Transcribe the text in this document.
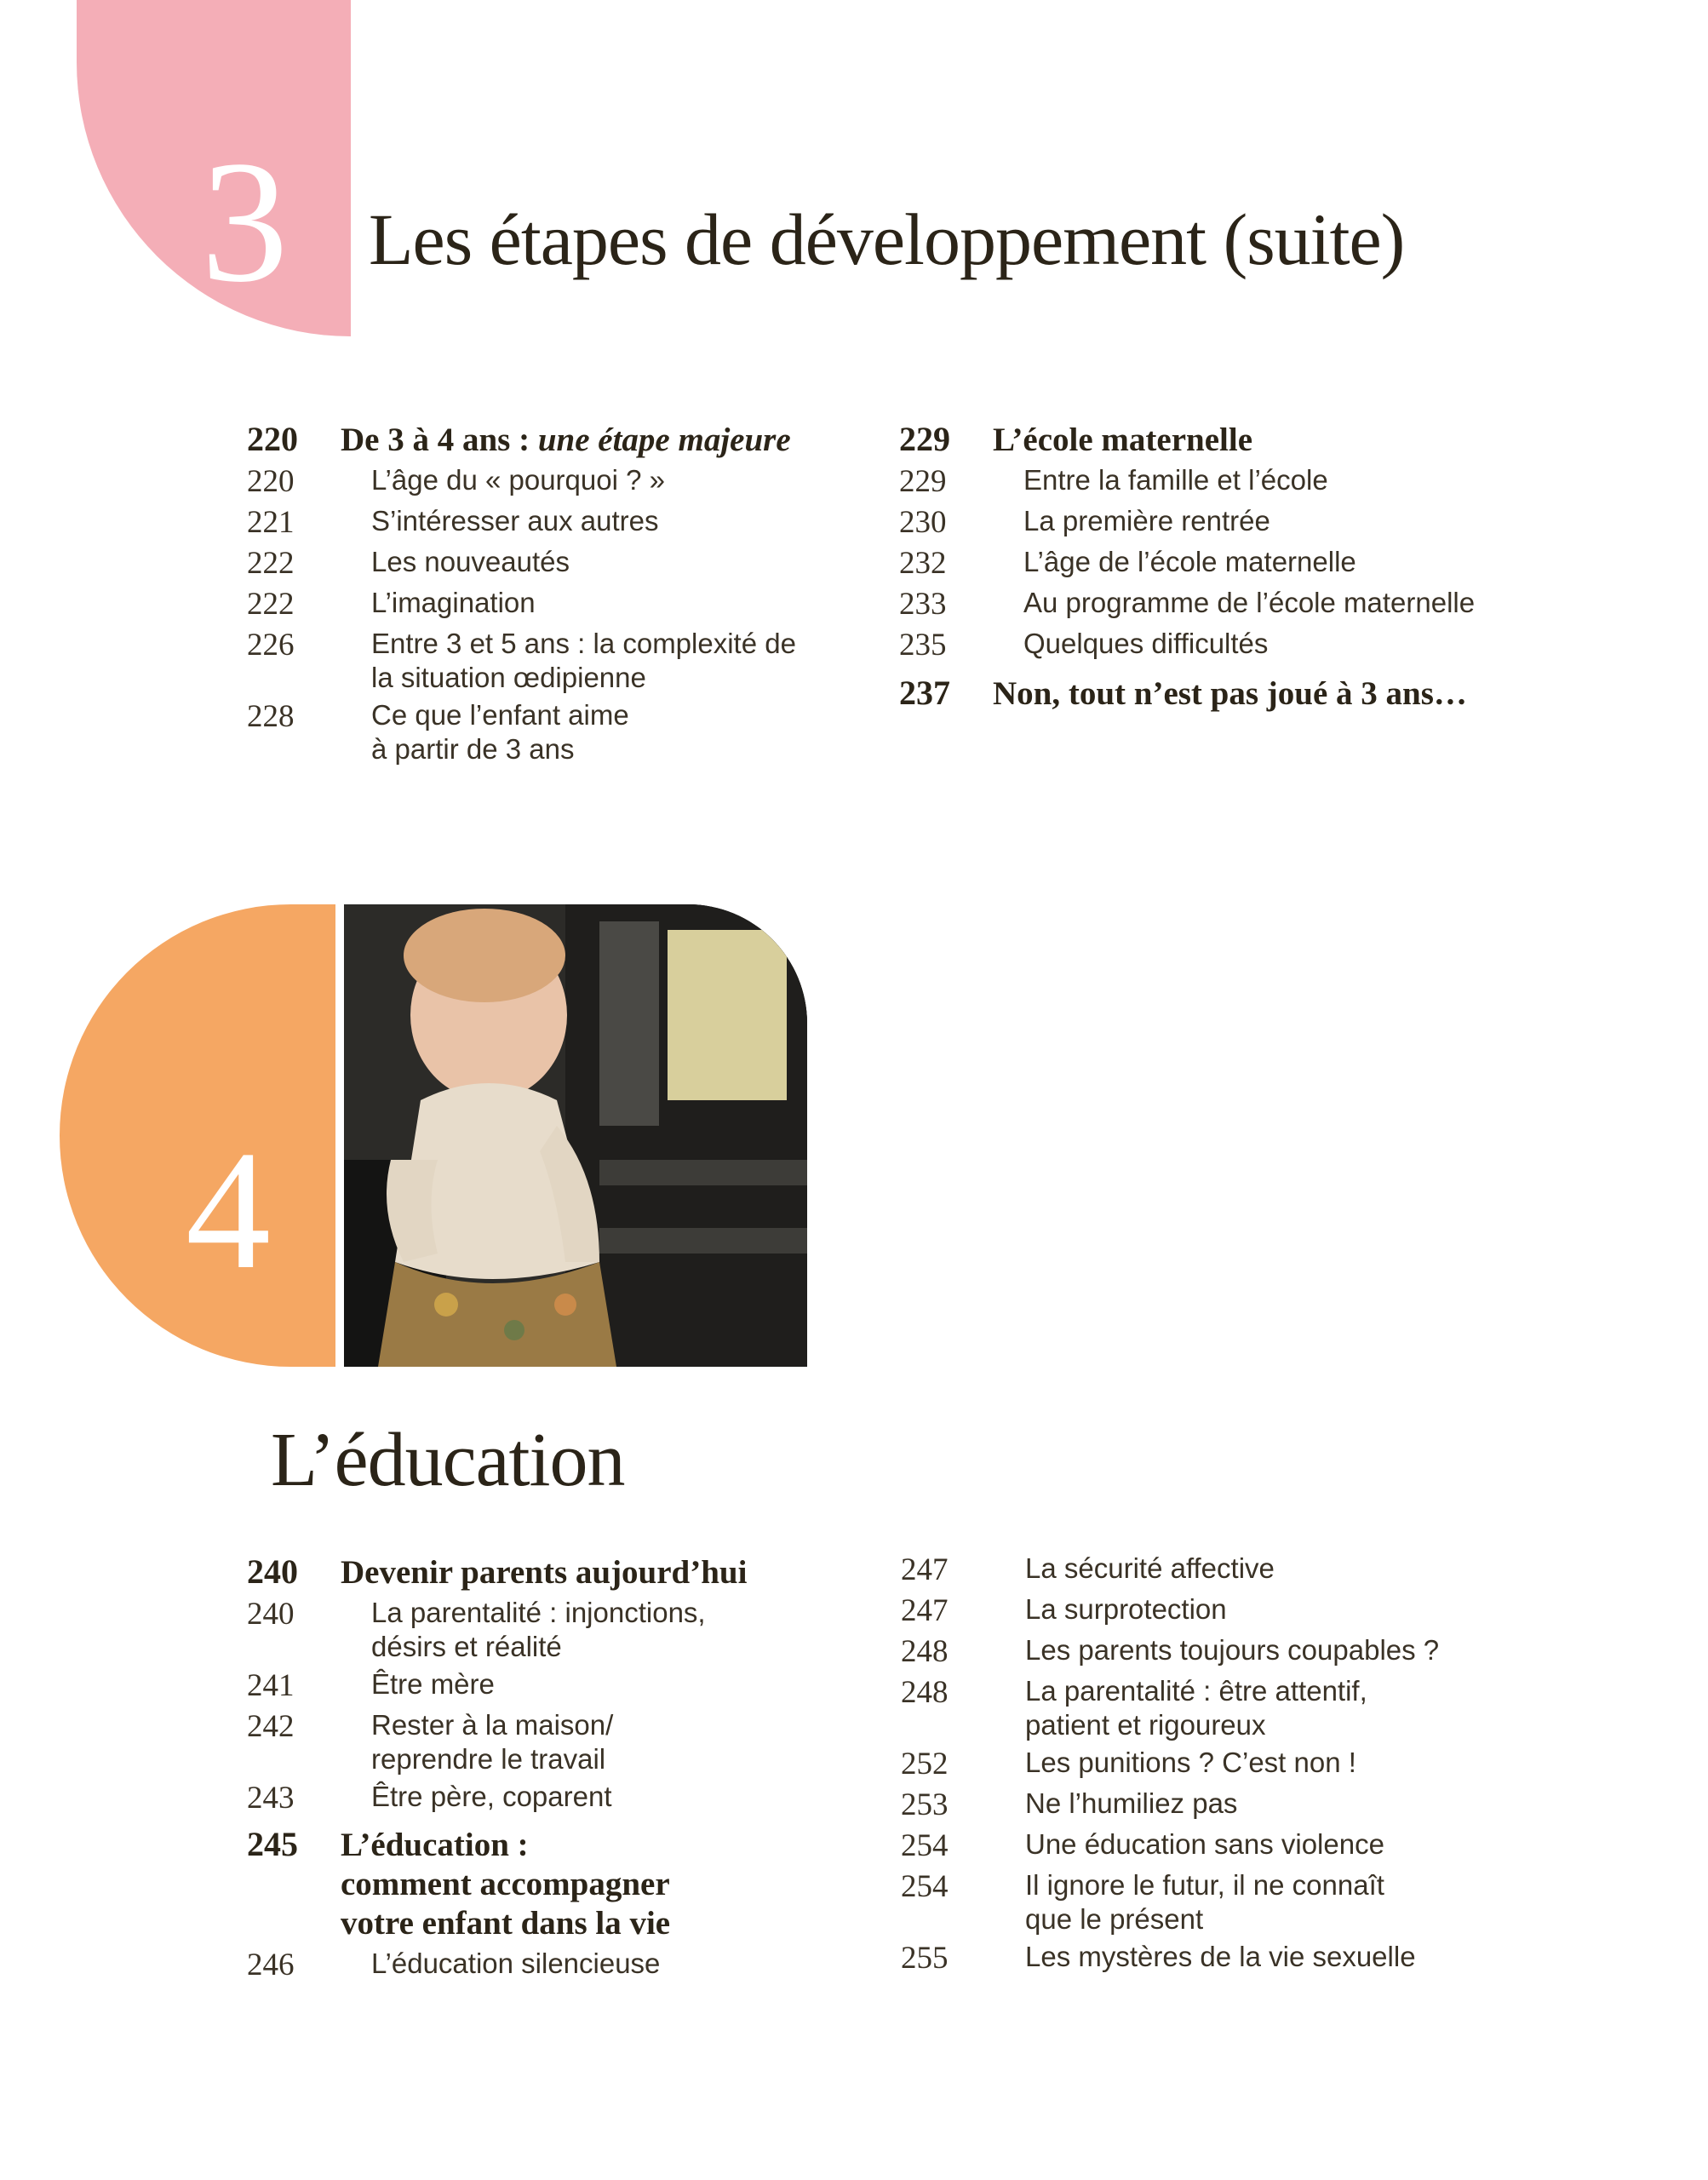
3 Les étapes de développement (suite)
220	De 3 à 4 ans : une étape majeure
220	L’âge du « pourquoi ? »
221	S’intéresser aux autres
222	Les nouveautés
222	L’imagination
226	Entre 3 et 5 ans : la complexité de
la situation œdipienne
228	Ce que l’enfant aime
à partir de 3 ans
229	L’école maternelle
229	Entre la famille et l’école
230	La première rentrée
232	L’âge de l’école maternelle
233	Au programme de l’école maternelle
235	Quelques difficultés
237	Non, tout n’est pas joué à 3 ans…
4
L’éducation
240	Devenir parents aujourd’hui
240	La parentalité : injonctions,
désirs et réalité
241	Être mère
242	Rester à la maison/
reprendre le travail
243	Être père, coparent
245	L’éducation :
comment accompagner
votre enfant dans la vie
246	L’éducation silencieuse
247	La sécurité affective
247	La surprotection
248	Les parents toujours coupables ?
248	La parentalité : être attentif,
patient et rigoureux
252	Les punitions ? C’est non !
253	Ne l’humiliez pas
254	Une éducation sans violence
254	Il ignore le futur, il ne connaît
que le présent
255	Les mystères de la vie sexuelle
